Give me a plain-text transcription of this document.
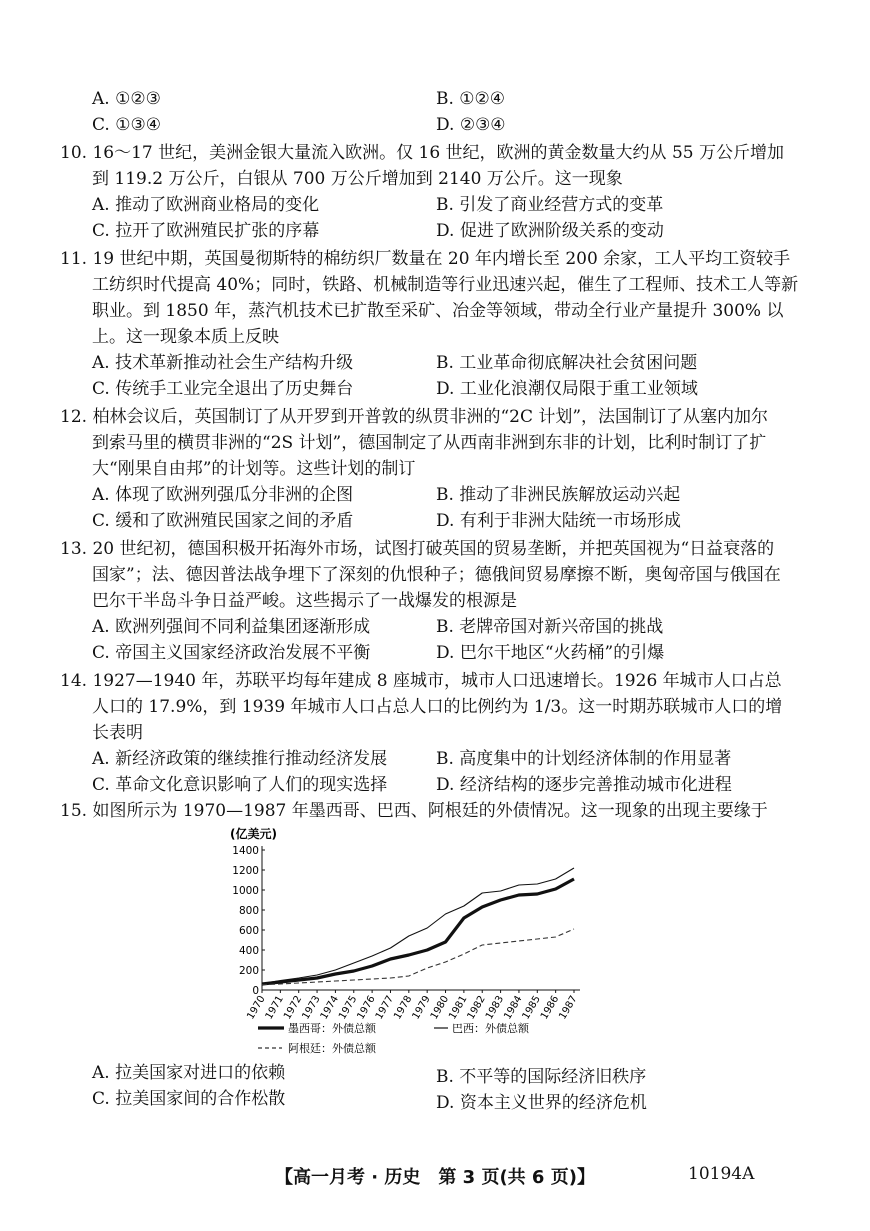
A. ①②③	B. ①②④
C. ①③④	D. ②③④
10. 16～17 世纪，美洲金银大量流入欧洲。仅 16 世纪，欧洲的黄金数量大约从 55 万公斤增加
到 119.2 万公斤，白银从 700 万公斤增加到 2140 万公斤。这一现象
A. 推动了欧洲商业格局的变化	B. 引发了商业经营方式的变革
C. 拉开了欧洲殖民扩张的序幕	D. 促进了欧洲阶级关系的变动
11. 19 世纪中期，英国曼彻斯特的棉纺织厂数量在 20 年内增长至 200 余家，工人平均工资较手
工纺织时代提高 40%；同时，铁路、机械制造等行业迅速兴起，催生了工程师、技术工人等新
职业。到 1850 年，蒸汽机技术已扩散至采矿、冶金等领域，带动全行业产量提升 300% 以
上。这一现象本质上反映
A. 技术革新推动社会生产结构升级	B. 工业革命彻底解决社会贫困问题
C. 传统手工业完全退出了历史舞台	D. 工业化浪潮仅局限于重工业领域
12. 柏林会议后，英国制订了从开罗到开普敦的纵贯非洲的“2C 计划”，法国制订了从塞内加尔
到索马里的横贯非洲的“2S 计划”，德国制定了从西南非洲到东非的计划，比利时制订了扩
大“刚果自由邦”的计划等。这些计划的制订
A. 体现了欧洲列强瓜分非洲的企图	B. 推动了非洲民族解放运动兴起
C. 缓和了欧洲殖民国家之间的矛盾	D. 有利于非洲大陆统一市场形成
13. 20 世纪初，德国积极开拓海外市场，试图打破英国的贸易垄断，并把英国视为“日益衰落的
国家”；法、德因普法战争埋下了深刻的仇恨种子；德俄间贸易摩擦不断，奥匈帝国与俄国在
巴尔干半岛斗争日益严峻。这些揭示了一战爆发的根源是
A. 欧洲列强间不同利益集团逐渐形成	B. 老牌帝国对新兴帝国的挑战
C. 帝国主义国家经济政治发展不平衡	D. 巴尔干地区“火药桶”的引爆
14. 1927—1940 年，苏联平均每年建成 8 座城市，城市人口迅速增长。1926 年城市人口占总
人口的 17.9%，到 1939 年城市人口占总人口的比例约为 1/3。这一时期苏联城市人口的增
长表明
A. 新经济政策的继续推行推动经济发展	B. 高度集中的计划经济体制的作用显著
C. 革命文化意识影响了人们的现实选择	D. 经济结构的逐步完善推动城市化进程
15. 如图所示为 1970—1987 年墨西哥、巴西、阿根廷的外债情况。这一现象的出现主要缘于
(亿美元)
0
200
400
600
800
1000
1200
1400
1970
1971
1972
1973
1974
1975
1976
1977
1978
1979
1980
1981
1982
1983
1984
1985
1986
1987
墨西哥：外债总额	巴西：外债总额
阿根廷：外债总额
A. 拉美国家对进口的依赖	B. 不平等的国际经济旧秩序
C. 拉美国家间的合作松散	D. 资本主义世界的经济危机
【高一月考 · 历史　第 3 页(共 6 页)】	10194A
